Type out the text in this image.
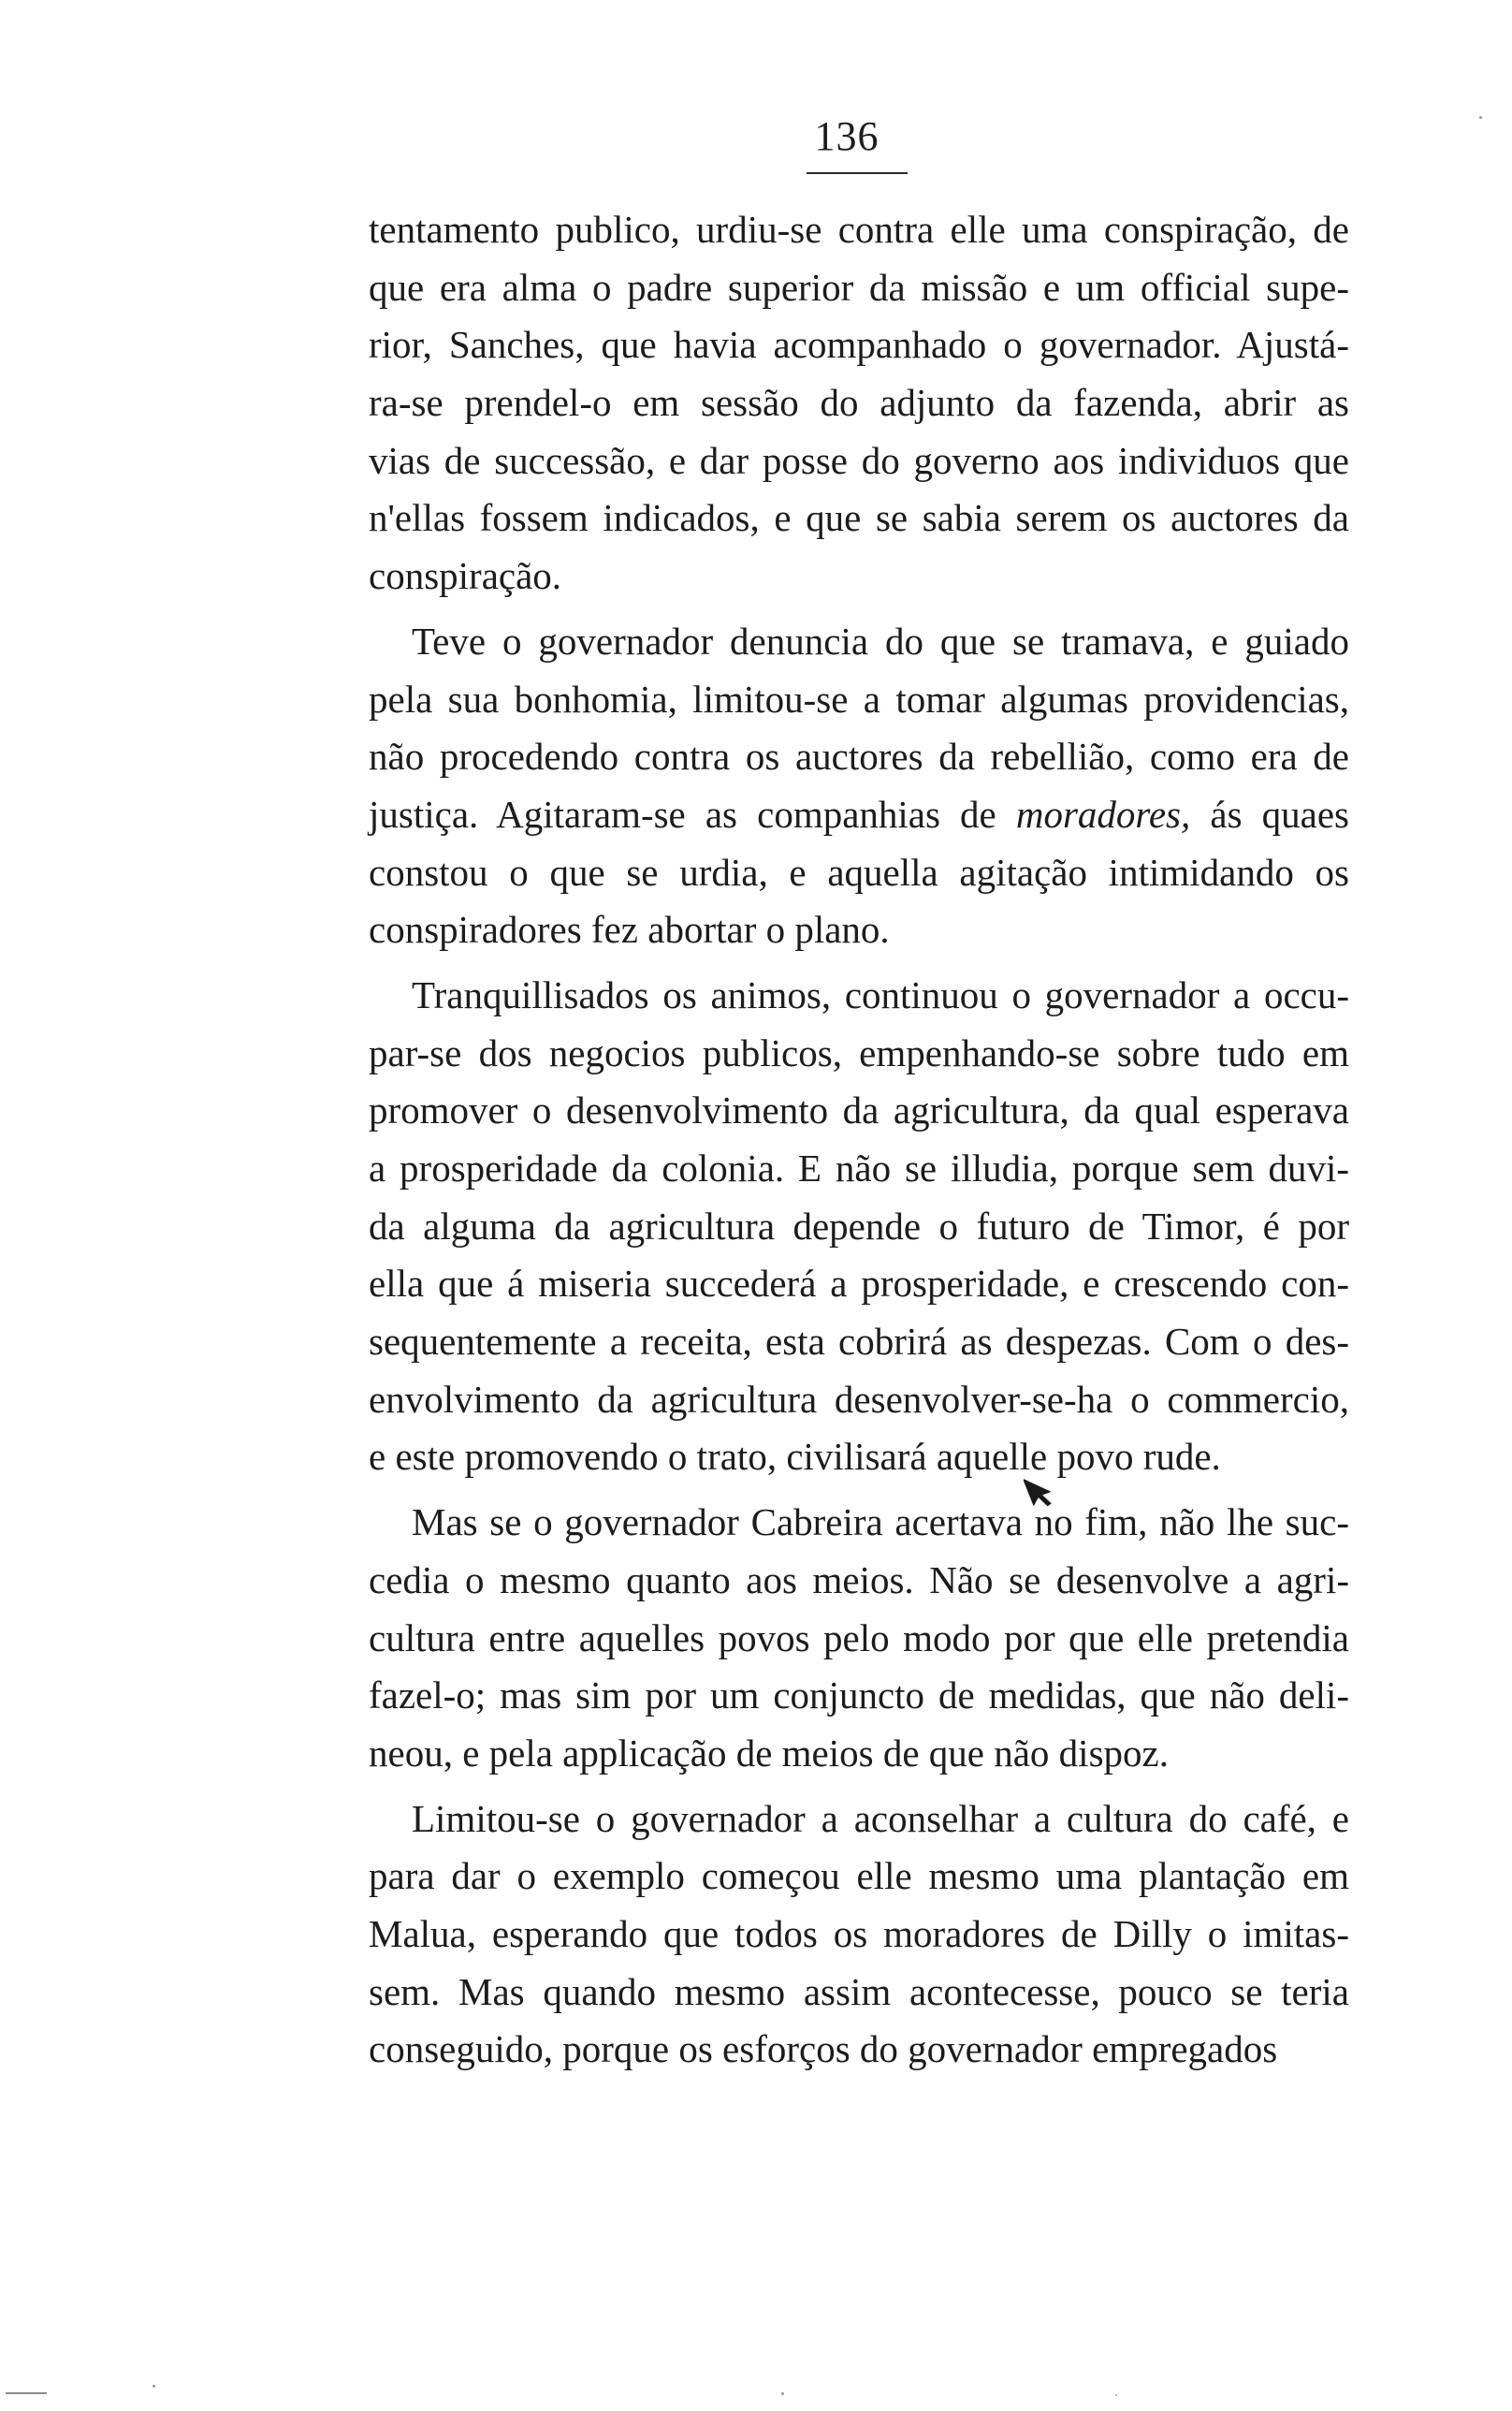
136
tentamento publico, urdiu-se contra elle uma conspiração, de
que era alma o padre superior da missão e um official supe-
rior, Sanches, que havia acompanhado o governador. Ajustá-
ra-se prendel-o em sessão do adjunto da fazenda, abrir as
vias de successão, e dar posse do governo aos individuos que
n'ellas fossem indicados, e que se sabia serem os auctores da
conspiração.
Teve o governador denuncia do que se tramava, e guiado
pela sua bonhomia, limitou-se a tomar algumas providencias,
não procedendo contra os auctores da rebellião, como era de
justiça. Agitaram-se as companhias de moradores, ás quaes
constou o que se urdia, e aquella agitação intimidando os
conspiradores fez abortar o plano.
Tranquillisados os animos, continuou o governador a occu-
par-se dos negocios publicos, empenhando-se sobre tudo em
promover o desenvolvimento da agricultura, da qual esperava
a prosperidade da colonia. E não se illudia, porque sem duvi-
da alguma da agricultura depende o futuro de Timor, é por
ella que á miseria succederá a prosperidade, e crescendo con-
sequentemente a receita, esta cobrirá as despezas. Com o des-
envolvimento da agricultura desenvolver-se-ha o commercio,
e este promovendo o trato, civilisará aquelle povo rude.
Mas se o governador Cabreira acertava no fim, não lhe suc-
cedia o mesmo quanto aos meios. Não se desenvolve a agri-
cultura entre aquelles povos pelo modo por que elle pretendia
fazel-o; mas sim por um conjuncto de medidas, que não deli-
neou, e pela applicação de meios de que não dispoz.
Limitou-se o governador a aconselhar a cultura do café, e
para dar o exemplo começou elle mesmo uma plantação em
Malua, esperando que todos os moradores de Dilly o imitas-
sem. Mas quando mesmo assim acontecesse, pouco se teria
conseguido, porque os esforços do governador empregados
